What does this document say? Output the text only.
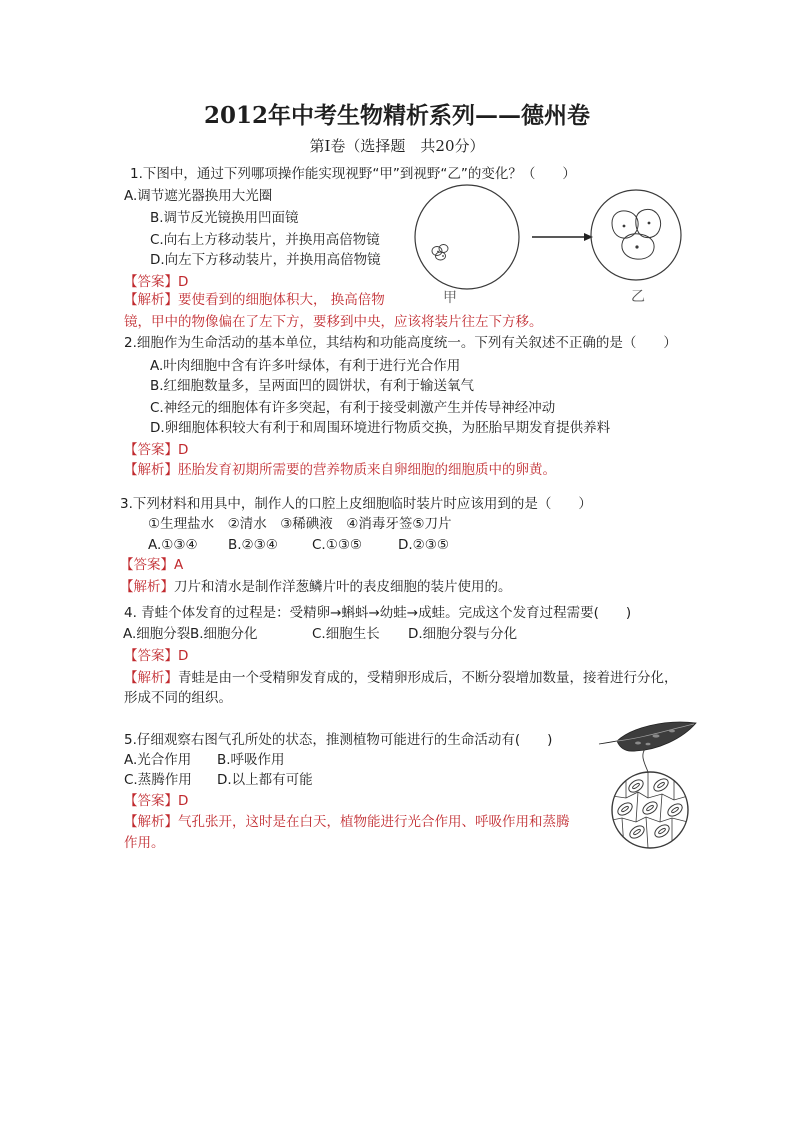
2012年中考生物精析系列——德州卷
第Ⅰ卷（选择题　共20分）
1.下图中，通过下列哪项操作能实现视野“甲”到视野“乙”的变化？（　　）
A.调节遮光器换用大光圈
B.调节反光镜换用凹面镜
C.向右上方移动装片，并换用高倍物镜
D.向左下方移动装片，并换用高倍物镜
【答案】D
【解析】要使看到的细胞体积大， 换高倍物
镜，甲中的物像偏在了左下方，要移到中央，应该将装片往左下方移。
甲	乙
2.细胞作为生命活动的基本单位，其结构和功能高度统一。下列有关叙述不正确的是（　　）
A.叶肉细胞中含有许多叶绿体，有利于进行光合作用
B.红细胞数量多，呈两面凹的圆饼状，有利于输送氧气
C.神经元的细胞体有许多突起，有利于接受刺激产生并传导神经冲动
D.卵细胞体积较大有利于和周围环境进行物质交换，为胚胎早期发育提供养料
【答案】D
【解析】胚胎发育初期所需要的营养物质来自卵细胞的细胞质中的卵黄。
3.下列材料和用具中，制作人的口腔上皮细胞临时装片时应该用到的是（　　）
①生理盐水　②清水　③稀碘液　④消毒牙签⑤刀片
A.①③④ B.②③④	C.①③⑤	D.②③⑤
【答案】A
【解析】刀片和清水是制作洋葱鳞片叶的表皮细胞的装片使用的。
4. 青蛙个体发育的过程是：受精卵→蝌蚪→幼蛙→成蛙。完成这个发育过程需要(　　)
A.细胞分裂B.细胞分化	C.细胞生长 D.细胞分裂与分化
【答案】D
【解析】青蛙是由一个受精卵发育成的，受精卵形成后，不断分裂增加数量，接着进行分化，
形成不同的组织。
5.仔细观察右图气孔所处的状态，推测植物可能进行的生命活动有(　　)
A.光合作用 B.呼吸作用
C.蒸腾作用 D.以上都有可能
【答案】D
【解析】气孔张开，这时是在白天，植物能进行光合作用、呼吸作用和蒸腾
作用。
